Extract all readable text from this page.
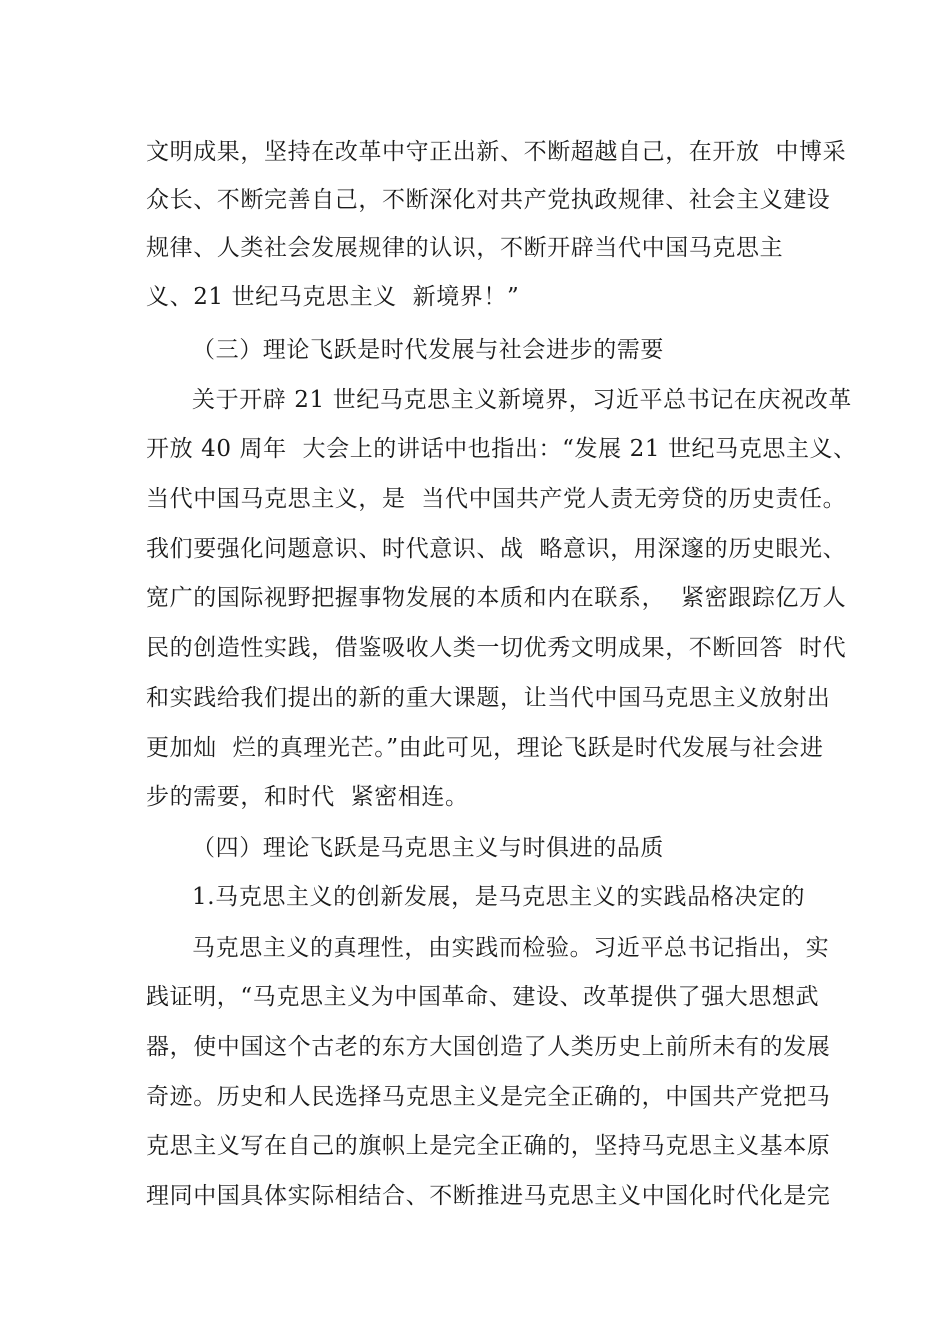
文明成果，坚持在改革中守正出新、不断超越自己，在开放  中博采
众长、不断完善自己，不断深化对共产党执政规律、社会主义建设
规律、人类社会发展规律的认识，不断开辟当代中国马克思主
义、21 世纪马克思主义  新境界！”
（三）理论飞跃是时代发展与社会进步的需要
关于开辟 21 世纪马克思主义新境界，习近平总书记在庆祝改革
开放 40 周年  大会上的讲话中也指出：“发展 21 世纪马克思主义、
当代中国马克思主义，是  当代中国共产党人责无旁贷的历史责任。
我们要强化问题意识、时代意识、战  略意识，用深邃的历史眼光、
宽广的国际视野把握事物发展的本质和内在联系，  紧密跟踪亿万人
民的创造性实践，借鉴吸收人类一切优秀文明成果，不断回答  时代
和实践给我们提出的新的重大课题，让当代中国马克思主义放射出
更加灿  烂的真理光芒。”由此可见，理论飞跃是时代发展与社会进
步的需要，和时代  紧密相连。
（四）理论飞跃是马克思主义与时俱进的品质
1.马克思主义的创新发展，是马克思主义的实践品格决定的
马克思主义的真理性，由实践而检验。习近平总书记指出，实
践证明，“马克思主义为中国革命、建设、改革提供了强大思想武
器，使中国这个古老的东方大国创造了人类历史上前所未有的发展
奇迹。历史和人民选择马克思主义是完全正确的，中国共产党把马
克思主义写在自己的旗帜上是完全正确的，坚持马克思主义基本原
理同中国具体实际相结合、不断推进马克思主义中国化时代化是完
